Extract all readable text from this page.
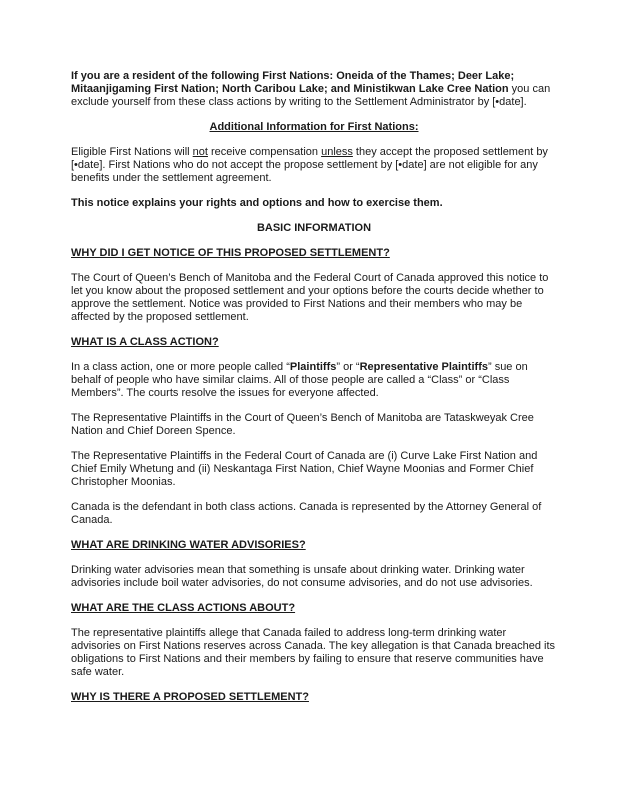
If you are a resident of the following First Nations: Oneida of the Thames; Deer Lake; Mitaanjigaming First Nation; North Caribou Lake; and Ministikwan Lake Cree Nation you can exclude yourself from these class actions by writing to the Settlement Administrator by [•date].

Additional Information for First Nations:

Eligible First Nations will not receive compensation unless they accept the proposed settlement by [•date]. First Nations who do not accept the propose settlement by [•date] are not eligible for any benefits under the settlement agreement.

This notice explains your rights and options and how to exercise them.

BASIC INFORMATION
WHY DID I GET NOTICE OF THIS PROPOSED SETTLEMENT?

The Court of Queen’s Bench of Manitoba and the Federal Court of Canada approved this notice to let you know about the proposed settlement and your options before the courts decide whether to approve the settlement. Notice was provided to First Nations and their members who may be affected by the proposed settlement.

WHAT IS A CLASS ACTION?

In a class action, one or more people called “Plaintiffs” or “Representative Plaintiffs” sue on behalf of people who have similar claims. All of those people are called a “Class” or “Class Members”. The courts resolve the issues for everyone affected.

The Representative Plaintiffs in the Court of Queen’s Bench of Manitoba are Tataskweyak Cree Nation and Chief Doreen Spence.

The Representative Plaintiffs in the Federal Court of Canada are (i) Curve Lake First Nation and Chief Emily Whetung and (ii) Neskantaga First Nation, Chief Wayne Moonias and Former Chief Christopher Moonias.

Canada is the defendant in both class actions. Canada is represented by the Attorney General of Canada.

WHAT ARE DRINKING WATER ADVISORIES?

Drinking water advisories mean that something is unsafe about drinking water. Drinking water advisories include boil water advisories, do not consume advisories, and do not use advisories.

WHAT ARE THE CLASS ACTIONS ABOUT?

The representative plaintiffs allege that Canada failed to address long-term drinking water advisories on First Nations reserves across Canada. The key allegation is that Canada breached its obligations to First Nations and their members by failing to ensure that reserve communities have safe water.

WHY IS THERE A PROPOSED SETTLEMENT?
